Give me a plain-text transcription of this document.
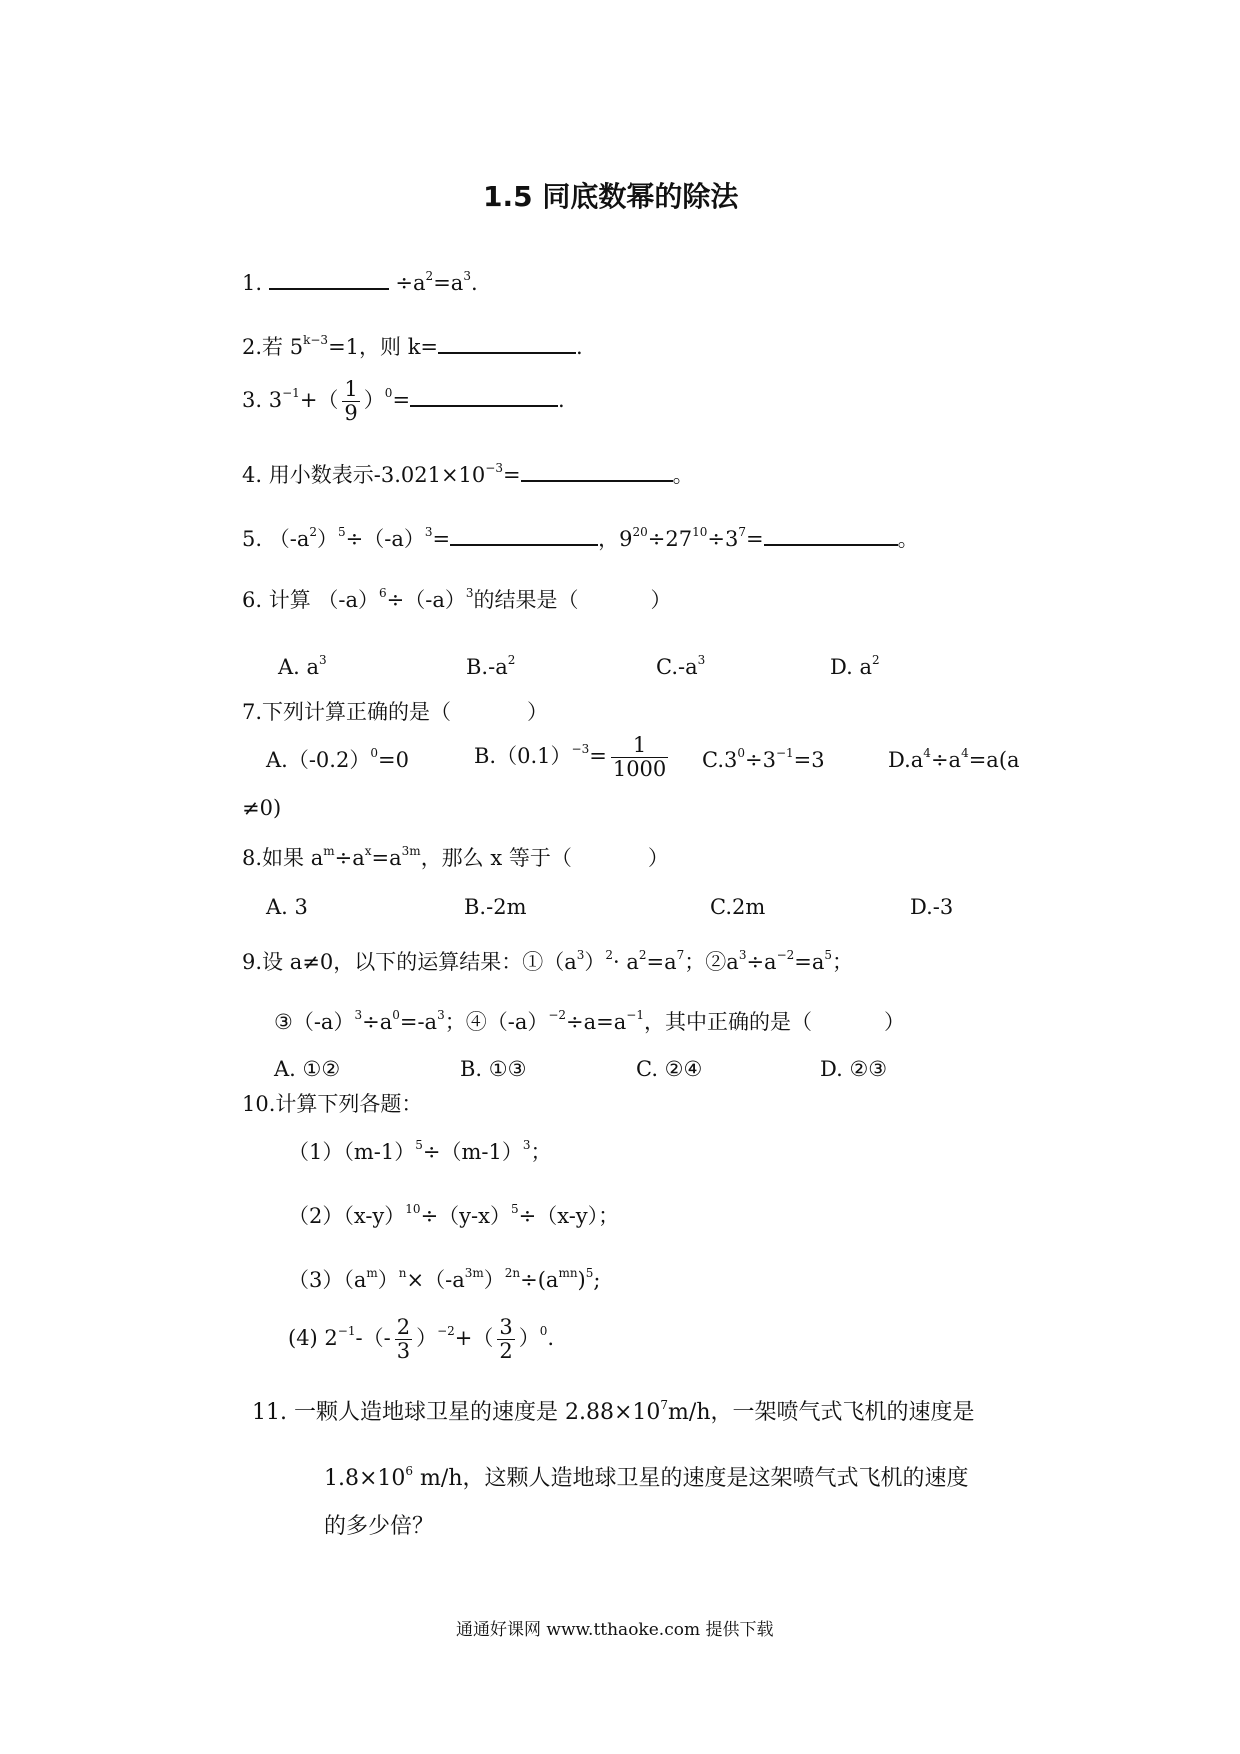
1.5 同底数幂的除法
1.	$\div a^2=a^3$.
2.若 $5^{k-3}=1$，则 k=	.
3. $3^{-1}+( \frac{1}{9} )^0=$	.
4. 用小数表示$-3.021\times 10^{-3}=$	。
5. $(-a^2)^5\div(-a)^3=$	，$9^{20}\div 27^{10}\div 3^7=$	。
6. 计算 $(-a)^6\div(-a)^3$的结果是（	）
A. $a^3$	$B.-a^2$	$C.-a^3$	D. $a^2$
7.下列计算正确的是（	）
$A.(-0.2)^0=0$	$B.(0.1)^{-3}= \frac{1}{1000} C.3^0\div 3^{-1}=3$	$D.a^4\div a^4=a(a$
≠0)
8.如果 $a^m\div a^x=a^{3m}$，那么 x 等于（	）
A. 3	B.-2m	C.2m	D.-3
9.设 a≠0，以下的运算结果：$①(a^3)^2\cdot a^2=a^7$；$②a^3\div a^{-2}=a^5$；
$③(-a)^3\div a^0=-a^3$；$④(-a)^{-2}\div a=a^{-1}$，其中正确的是（	）
A. ①②	B. ①③	C. ②④	D. ②③
10.计算下列各题：
$(1)(m-1)^5\div(m-1)^3$；
$(2)(x-y)^{10}\div(y-x)^5\div(x-y)$；
$(3)(a^m)^n\times(-a^{3m})^{2n}\div(a^{mn})^5$;
(4) $2^{-1}-(- \frac{2}{3} )^{-2}+( \frac{3}{2} )^0$.
11. 一颗人造地球卫星的速度是 $2.88\times 10^7m/h$，一架喷气式飞机的速度是
$1.8\times 10^6$ m/h，这颗人造地球卫星的速度是这架喷气式飞机的速度
的多少倍？
通通好课网 www.tthaoke.com 提供下载
